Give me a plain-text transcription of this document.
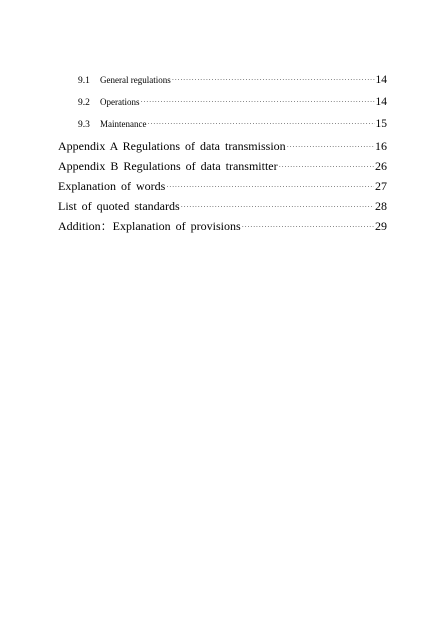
9.1	General regulations ·····	14
9.2	Operations ·····	14
9.3	Maintenance ·····	15
Appendix A Regulations of data transmission ·····	16
Appendix B Regulations of data transmitter ·····	26
Explanation of words ·····	27
List of quoted standards ·····	28
Addition：Explanation of provisions ·····	29
